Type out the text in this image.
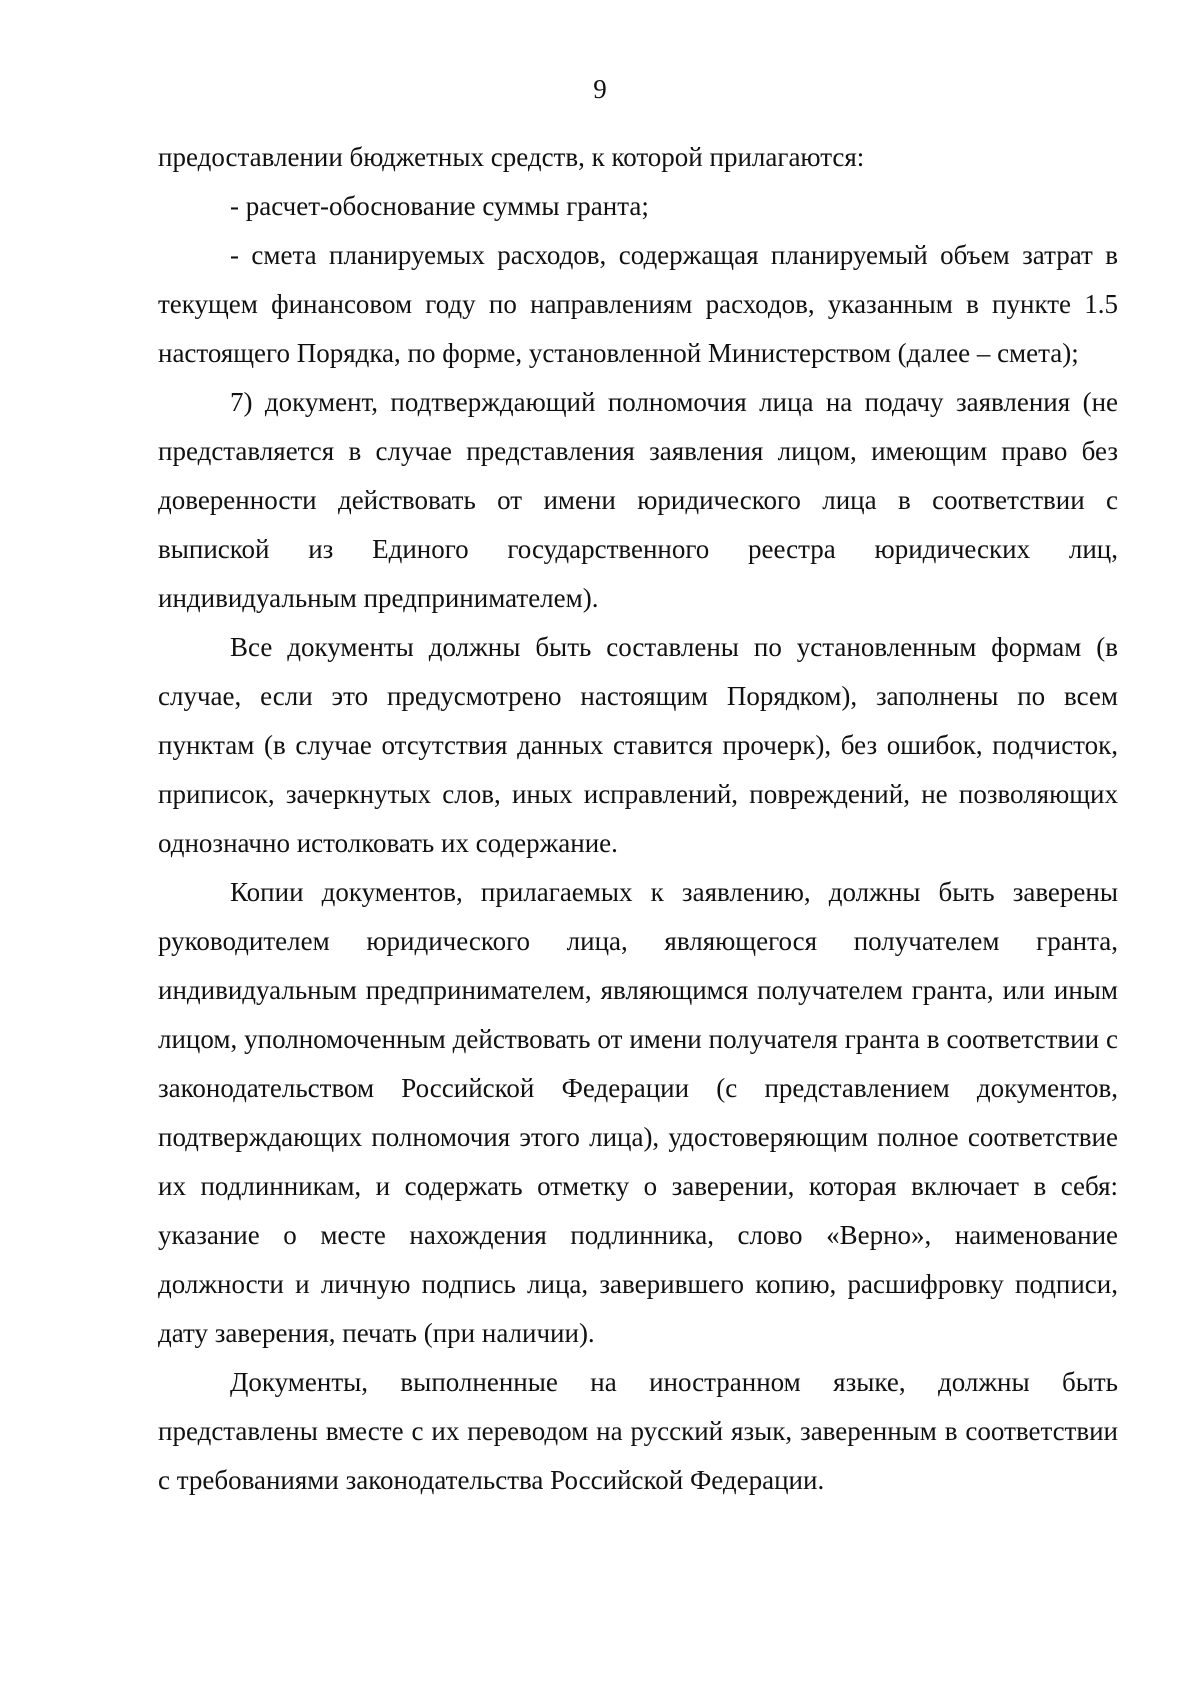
9

предоставлении бюджетных средств, к которой прилагаются:

- расчет-обоснование суммы гранта;

- смета планируемых расходов, содержащая планируемый объем затрат в текущем финансовом году по направлениям расходов, указанным в пункте 1.5 настоящего Порядка, по форме, установленной Министерством (далее – смета);

7) документ, подтверждающий полномочия лица на подачу заявления (не представляется в случае представления заявления лицом, имеющим право без доверенности действовать от имени юридического лица в соответствии с выпиской из Единого государственного реестра юридических лиц, индивидуальным предпринимателем).

Все документы должны быть составлены по установленным формам (в случае, если это предусмотрено настоящим Порядком), заполнены по всем пунктам (в случае отсутствия данных ставится прочерк), без ошибок, подчисток, приписок, зачеркнутых слов, иных исправлений, повреждений, не позволяющих однозначно истолковать их содержание.

Копии документов, прилагаемых к заявлению, должны быть заверены руководителем юридического лица, являющегося получателем гранта, индивидуальным предпринимателем, являющимся получателем гранта, или иным лицом, уполномоченным действовать от имени получателя гранта в соответствии с законодательством Российской Федерации (с представлением документов, подтверждающих полномочия этого лица), удостоверяющим полное соответствие их подлинникам, и содержать отметку о заверении, которая включает в себя: указание о месте нахождения подлинника, слово «Верно», наименование должности и личную подпись лица, заверившего копию, расшифровку подписи, дату заверения, печать (при наличии).

Документы, выполненные на иностранном языке, должны быть представлены вместе с их переводом на русский язык, заверенным в соответствии с требованиями законодательства Российской Федерации.
